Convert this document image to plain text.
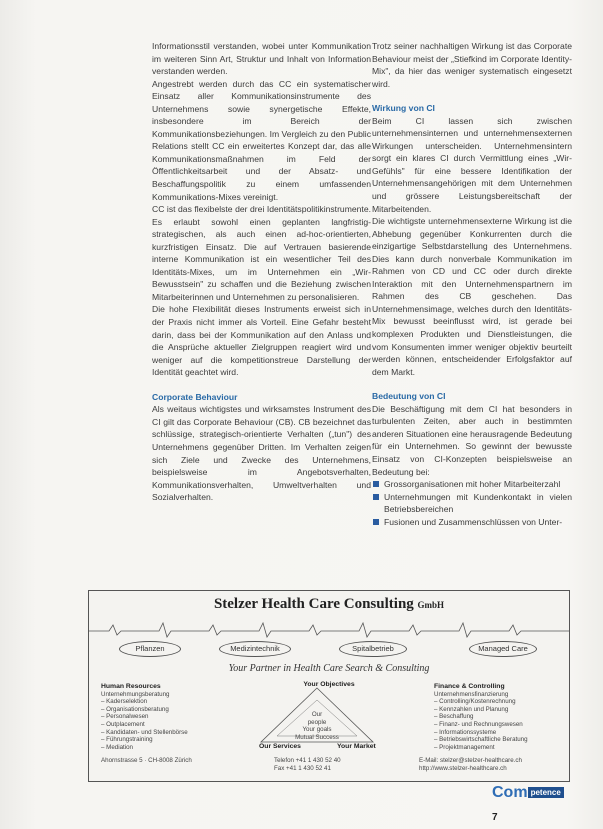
Informationsstil verstanden, wobei unter Kommunikation im weiteren Sinn Art, Struktur und Inhalt von Information verstanden werden.

Angestrebt werden durch das CC ein systematischer Einsatz aller Kommunikationsinstrumente des Unternehmens sowie synergetische Effekte, insbesondere im Bereich der Kommunikationsbeziehungen. Im Vergleich zu den Public Relations stellt CC ein erweitertes Konzept dar, das alle Kommunikationsmaßnahmen im Feld der Öffentlichkeitsarbeit und der Absatz- und Beschaffungspolitik zu einem umfassenden Kommunikations-Mixes vereinigt.

CC ist das flexibelste der drei Identitätspolitikinstrumente. Es erlaubt sowohl einen geplanten langfristig-strategischen, als auch einen ad-hoc-orientierten, kurzfristigen Einsatz. Die auf Vertrauen basierende interne Kommunikation ist ein wesentlicher Teil des Identitäts-Mixes, um im Unternehmen ein „Wir-Bewusstsein" zu schaffen und die Beziehung zwischen Mitarbeiterinnen und Unternehmen zu personalisieren.

Die hohe Flexibilität dieses Instruments erweist sich in der Praxis nicht immer als Vorteil. Eine Gefahr besteht darin, dass bei der Kommunikation auf den Anlass und die Ansprüche aktueller Zielgruppen reagiert wird und weniger auf die kompetitionstreue Darstellung der Identität geachtet wird.

Corporate Behaviour

Als weitaus wichtigstes und wirksamstes Instrument des CI gilt das Corporate Behaviour (CB). CB bezeichnet das schlüssige, strategisch-orientierte Verhalten („tun") des Unternehmens gegenüber Dritten. Im Verhalten zeigen sich Ziele und Zwecke des Unternehmens, beispielsweise im Angebotsverhalten, Kommunikationsverhalten, Umweltverhalten und Sozialverhalten.

Trotz seiner nachhaltigen Wirkung ist das Corporate Behaviour meist der „Stiefkind im Corporate Identity-Mix", da hier das weniger systematisch eingesetzt wird.

Wirkung von CI

Beim CI lassen sich zwischen unternehmensinternen und unternehmensexternen Wirkungen unterscheiden. Unternehmensintern sorgt ein klares CI durch Vermittlung eines „Wir-Gefühls" für eine bessere Identifikation der Unternehmensangehörigen mit dem Unternehmen und grössere Leistungsbereitschaft der Mitarbeitenden.

Die wichtigste unternehmensexterne Wirkung ist die Abhebung gegenüber Konkurrenten durch die einzigartige Selbstdarstellung des Unternehmens. Dies kann durch nonverbale Kommunikation im Rahmen von CD und CC oder durch direkte Interaktion mit den Unternehmenspartnern im Rahmen des CB geschehen. Das Unternehmensimage, welches durch den Identitäts-Mix bewusst beeinflusst wird, ist gerade bei komplexen Produkten und Dienstleistungen, die vom Konsumenten immer weniger objektiv beurteilt werden können, entscheidender Erfolgsfaktor auf dem Markt.

Bedeutung von CI

Die Beschäftigung mit dem CI hat besonders in turbulenten Zeiten, aber auch in bestimmten anderen Situationen eine herausragende Bedeutung für ein Unternehmen. So gewinnt der bewusste Einsatz von CI-Konzepten beispielsweise an Bedeutung bei:

Grossorganisationen mit hoher Mitarbeiterzahl
Unternehmungen mit Kundenkontakt in vielen Betriebsbereichen
Fusionen und Zusammenschlüssen von Unter-
Stelzer Health Care Consulting GmbH
Pflanzen	Medizintechnik	Spitalbetrieb	Managed Care
Your Partner in Health Care Search & Consulting
Human Resources
Unternehmungsberatung
– Kaderselektion
– Organisationsberatung
– Personalwesen
– Outplacement
– Kandidaten- und Stellenbörse
– Führungstraining
– Mediation
Your Objectives
Our
people
Your goals
Mutual Success
Our Services	Your Market
Finance & Controlling
Unternehmensfinanzierung
– Controlling/Kostenrechnung
– Kennzahlen und Planung
– Beschaffung
– Finanz- und Rechnungswesen
– Informationssysteme
– Betriebswirtschaftliche Beratung
– Projektmanagement
Ahornstrasse 5 · CH-8008 Zürich	Telefon +41 1 430 52 40
Fax +41 1 430 52 41
E-Mail: stelzer@stelzer-healthcare.ch
http://www.stelzer-healthcare.ch
Com petence
7
